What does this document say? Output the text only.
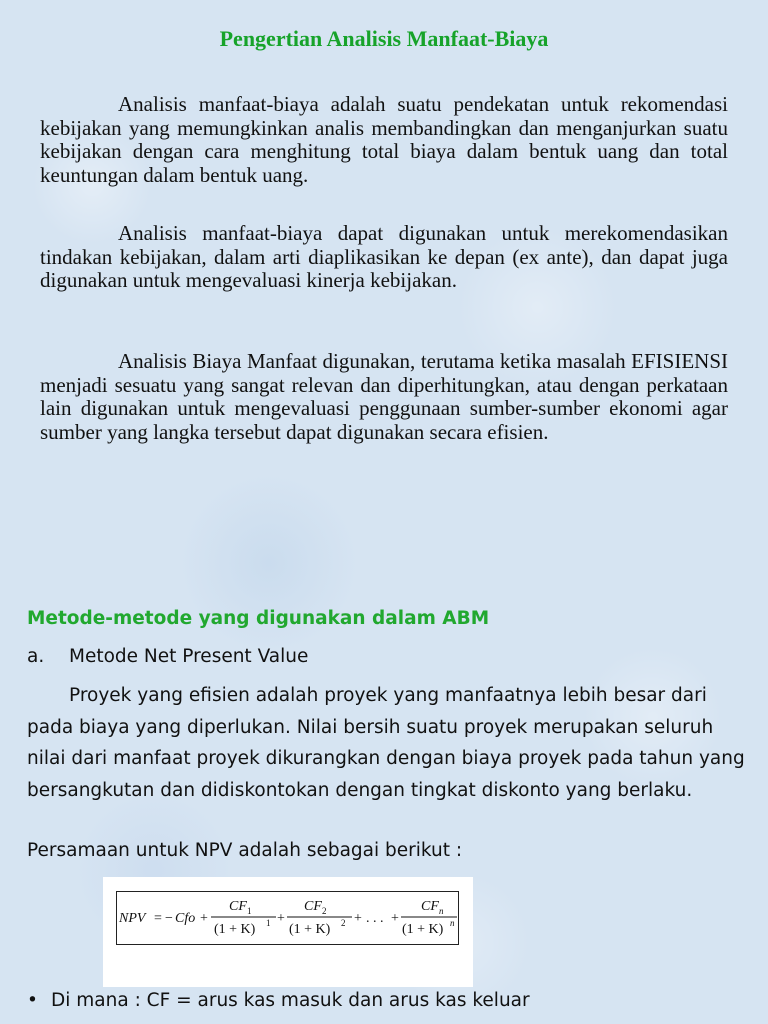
Pengertian Analisis Manfaat-Biaya

Analisis manfaat-biaya adalah suatu pendekatan untuk rekomendasi kebijakan yang memungkinkan analis membandingkan dan menganjurkan suatu kebijakan dengan cara menghitung total biaya dalam bentuk uang dan total keuntungan dalam bentuk uang.

Analisis manfaat-biaya dapat digunakan untuk merekomendasikan tindakan kebijakan, dalam arti diaplikasikan ke depan (ex ante), dan dapat juga digunakan untuk mengevaluasi kinerja kebijakan.

Analisis Biaya Manfaat digunakan, terutama ketika masalah EFISIENSI menjadi sesuatu yang sangat relevan dan diperhitungkan, atau dengan perkataan lain digunakan untuk mengevaluasi penggunaan sumber-sumber ekonomi agar sumber yang langka tersebut dapat digunakan secara efisien.

Metode-metode yang digunakan dalam ABM
a. Metode Net Present Value

Proyek yang efisien adalah proyek yang manfaatnya lebih besar dari pada biaya yang diperlukan. Nilai bersih suatu proyek merupakan seluruh nilai dari manfaat proyek dikurangkan dengan biaya proyek pada tahun yang bersangkutan dan didiskontokan dengan tingkat diskonto yang berlaku.

Persamaan untuk NPV adalah sebagai berikut :
NPV = − Cfo +
CF 1
(1 + K) 1 +
CF 2
(1 + K) 2 + . . . +
CF n
(1 + K) n
• Di mana : CF = arus kas masuk dan arus kas keluar
